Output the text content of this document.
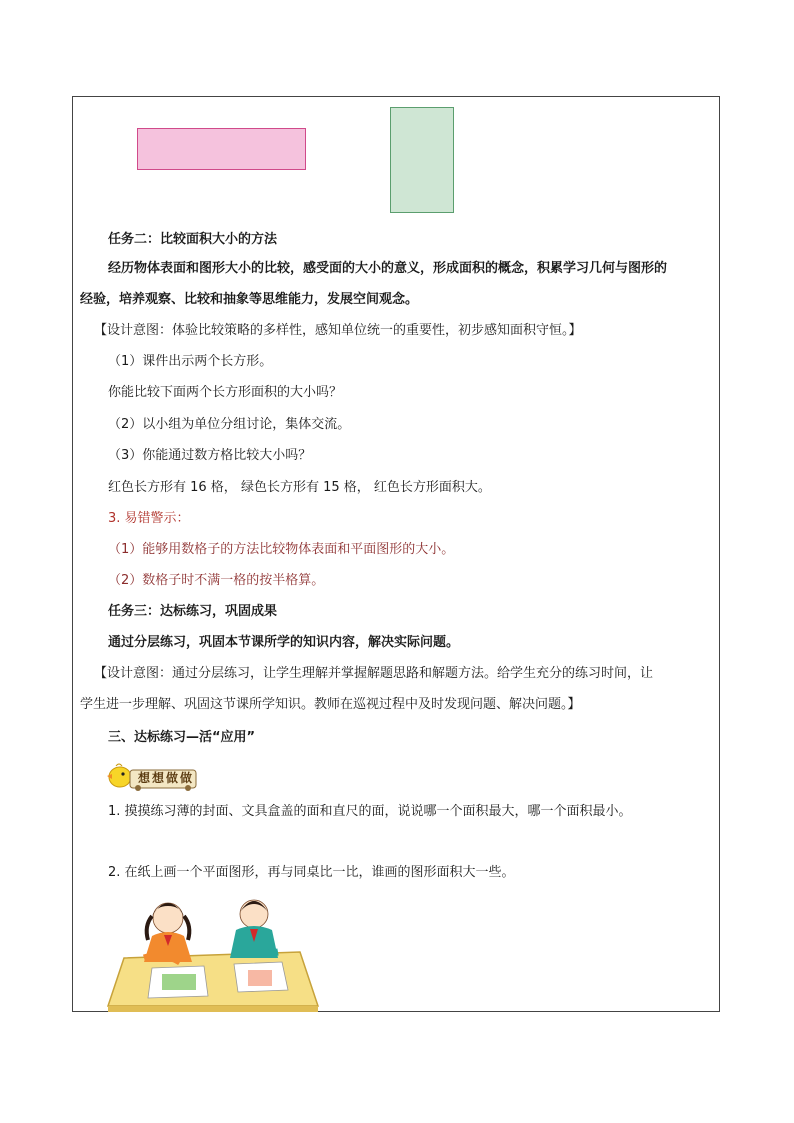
任务二：比较面积大小的方法
经历物体表面和图形大小的比较，感受面的大小的意义，形成面积的概念，积累学习几何与图形的
经验，培养观察、比较和抽象等思维能力，发展空间观念。
【设计意图：体验比较策略的多样性，感知单位统一的重要性，初步感知面积守恒。】
（1）课件出示两个长方形。
你能比较下面两个长方形面积的大小吗？
（2）以小组为单位分组讨论，集体交流。
（3）你能通过数方格比较大小吗？
红色长方形有 16 格， 绿色长方形有 15 格， 红色长方形面积大。
3. 易错警示：
（1）能够用数格子的方法比较物体表面和平面图形的大小。
（2）数格子时不满一格的按半格算。
任务三：达标练习，巩固成果
通过分层练习，巩固本节课所学的知识内容，解决实际问题。
【设计意图：通过分层练习，让学生理解并掌握解题思路和解题方法。给学生充分的练习时间，让
学生进一步理解、巩固这节课所学知识。教师在巡视过程中及时发现问题、解决问题。】
三、达标练习—活“应用”
想想做做
1. 摸摸练习薄的封面、文具盒盖的面和直尺的面，说说哪一个面积最大，哪一个面积最小。
2. 在纸上画一个平面图形，再与同桌比一比，谁画的图形面积大一些。
